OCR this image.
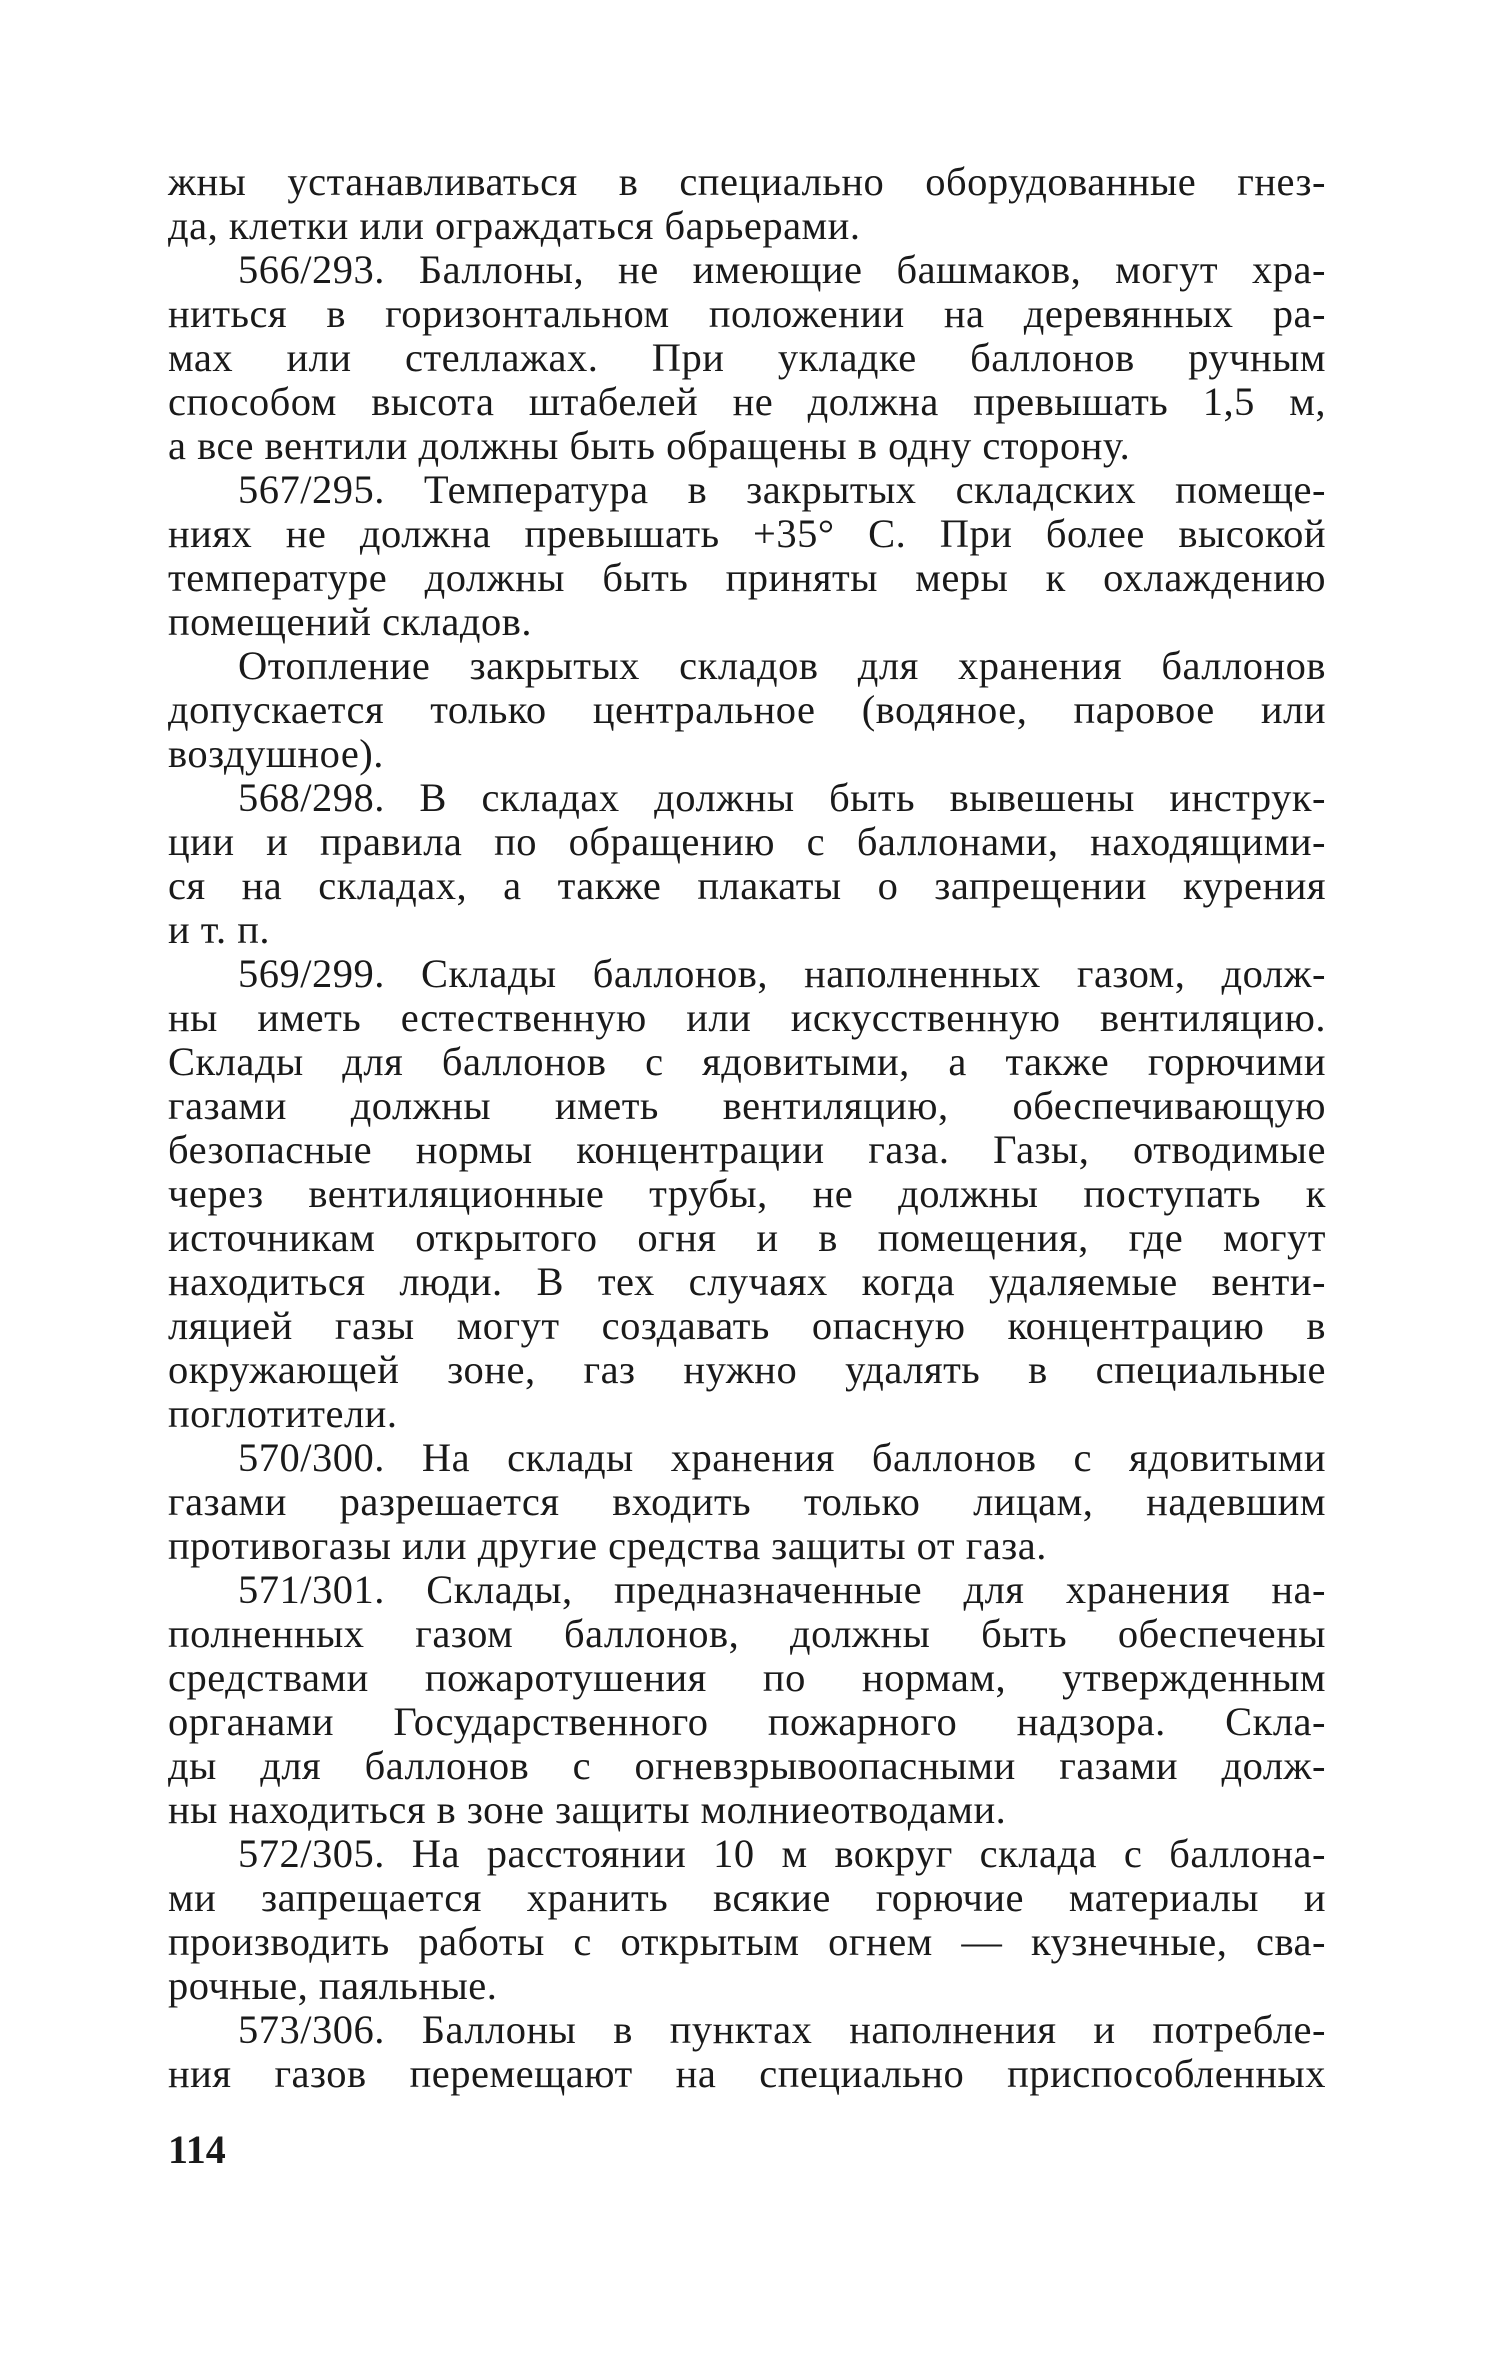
жны устанавливаться в специально оборудованные гнез-
да, клетки или ограждаться барьерами.
566/293. Баллоны, не имеющие башмаков, могут хра-
ниться в горизонтальном положении на деревянных ра-
мах или стеллажах. При укладке баллонов ручным
способом высота штабелей не должна превышать 1,5 м,
а все вентили должны быть обращены в одну сторону.
567/295. Температура в закрытых складских помеще-
ниях не должна превышать +35° С. При более высокой
температуре должны быть приняты меры к охлаждению
помещений складов.
Отопление закрытых складов для хранения баллонов
допускается только центральное (водяное, паровое или
воздушное).
568/298. В складах должны быть вывешены инструк-
ции и правила по обращению с баллонами, находящими-
ся на складах, а также плакаты о запрещении курения
и т. п.
569/299. Склады баллонов, наполненных газом, долж-
ны иметь естественную или искусственную вентиляцию.
Склады для баллонов с ядовитыми, а также горючими
газами должны иметь вентиляцию, обеспечивающую
безопасные нормы концентрации газа. Газы, отводимые
через вентиляционные трубы, не должны поступать к
источникам открытого огня и в помещения, где могут
находиться люди. В тех случаях когда удаляемые венти-
ляцией газы могут создавать опасную концентрацию в
окружающей зоне, газ нужно удалять в специальные
поглотители.
570/300. На склады хранения баллонов с ядовитыми
газами разрешается входить только лицам, надевшим
противогазы или другие средства защиты от газа.
571/301. Склады, предназначенные для хранения на-
полненных газом баллонов, должны быть обеспечены
средствами пожаротушения по нормам, утвержденным
органами Государственного пожарного надзора. Скла-
ды для баллонов с огневзрывоопасными газами долж-
ны находиться в зоне защиты молниеотводами.
572/305. На расстоянии 10 м вокруг склада с баллона-
ми запрещается хранить всякие горючие материалы и
производить работы с открытым огнем — кузнечные, сва-
рочные, паяльные.
573/306. Баллоны в пунктах наполнения и потребле-
ния газов перемещают на специально приспособленных
114
